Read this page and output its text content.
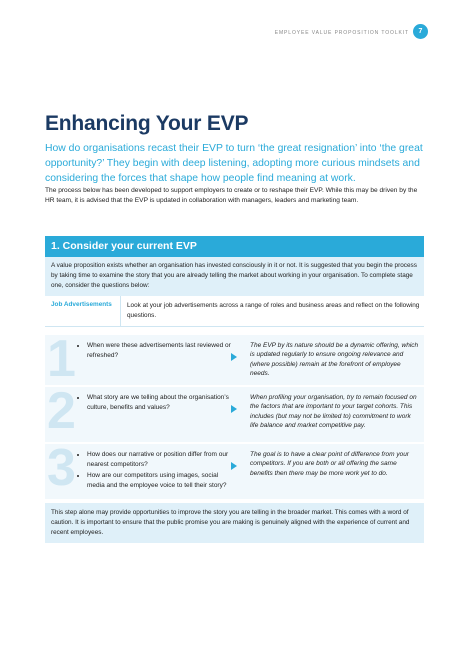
EMPLOYEE VALUE PROPOSITION TOOLKIT	7
Enhancing Your EVP

How do organisations recast their EVP to turn ‘the great resignation’ into ‘the great opportunity?’ They begin with deep listening, adopting more curious mindsets and considering the forces that shape how people find meaning at work.

The process below has been developed to support employers to create or to reshape their EVP. While this may be driven by the HR team, it is advised that the EVP is updated in collaboration with managers, leaders and marketing team.

1. Consider your current EVP
A value proposition exists whether an organisation has invested consciously in it or not. It is suggested that you begin the process by taking time to examine the story that you are already telling the market about working in your organisation. To complete stage one, consider the questions below:
Job Advertisements	Look at your job advertisements across a range of roles and business areas and reflect on the following questions.
1 • When were these advertisements last reviewed or refreshed?

The EVP by its nature should be a dynamic offering, which is updated regularly to ensure ongoing relevance and (where possible) remain at the forefront of employee needs.

2 • What story are we telling about the organisation’s culture, benefits and values?

When profiling your organisation, try to remain focused on the factors that are important to your target cohorts. This includes (but may not be limited to) commitment to work life balance and market competitive pay.

3 • How does our narrative or position differ from our nearest competitors?
• How are our competitors using images, social media and the employee voice to tell their story?

The goal is to have a clear point of difference from your competitors. If you are both or all offering the same benefits then there may be more work yet to do.

This step alone may provide opportunities to improve the story you are telling in the broader market. This comes with a word of caution. It is important to ensure that the public promise you are making is genuinely aligned with the experience of current and recent employees.
